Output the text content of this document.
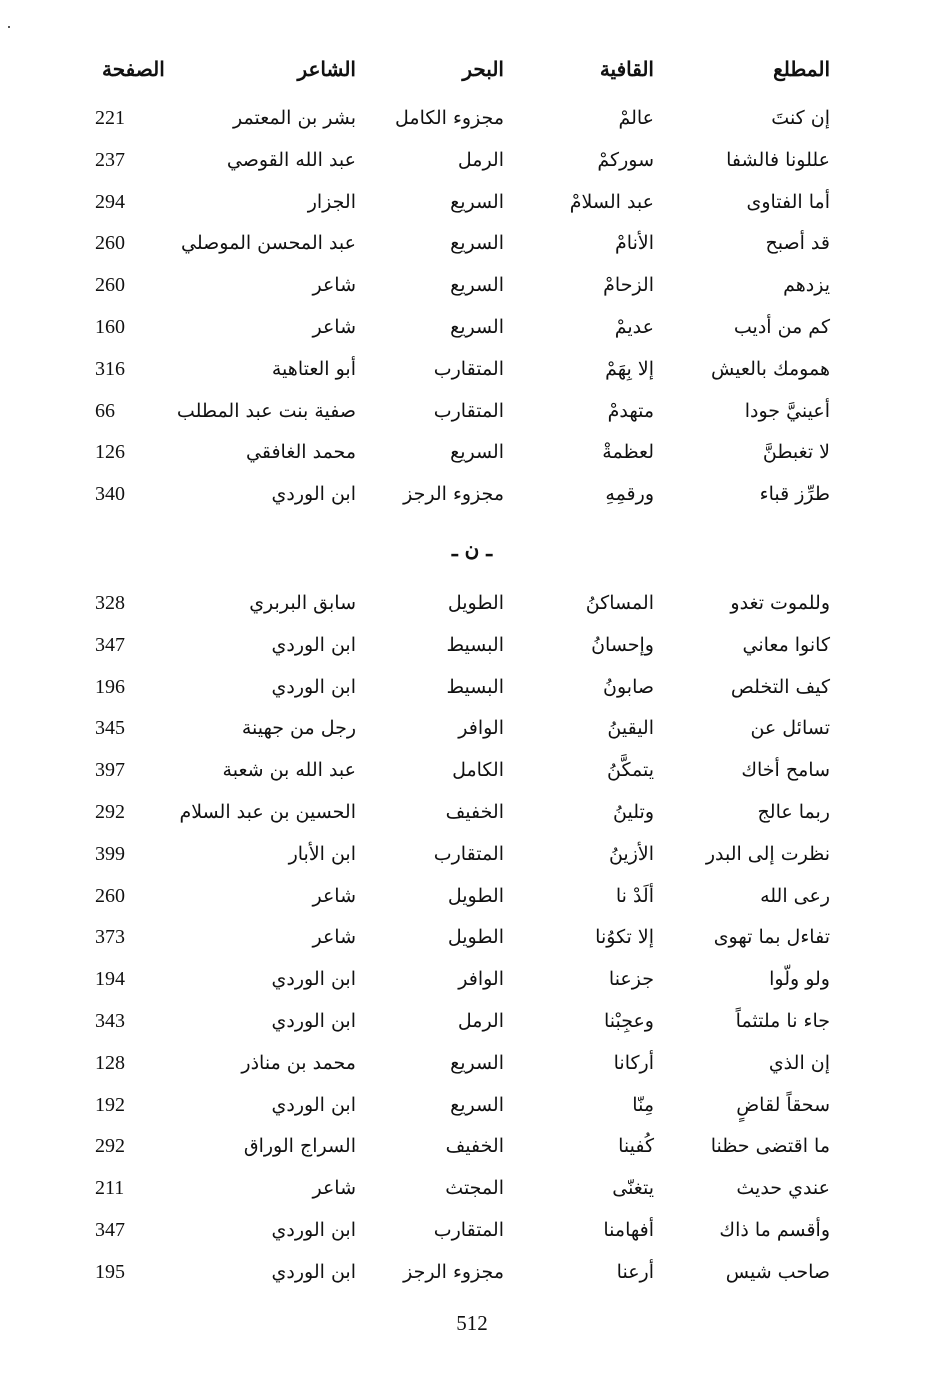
المطلع
القافية
البحر
الشاعر
الصفحة
إن كنتَ
عالمْ
مجزوء الكامل
بشر بن المعتمر
221
عللونا فالشفا
سوركمْ
الرمل
عبد الله القوصي
237
أما الفتاوى
عبد السلامْ
السريع
الجزار
294
قد أصبح
الأنامْ
السريع
عبد المحسن الموصلي
260
يزدهم
الزحامْ
السريع
شاعر
260
كم من أديب
عديمْ
السريع
شاعر
160
همومك بالعيش
إلا بِهَمْ
المتقارب
أبو العتاهية
316
أعينيَّ جودا
متهدمْ
المتقارب
صفية بنت عبد المطلب
66
لا تغبطنَّ
لعظمةْ
السريع
محمد الغافقي
126
طرِّز قباء
ورقمِهِ
مجزوء الرجز
ابن الوردي
340
ـ ن ـ
وللموت تغدو
المساكنُ
الطويل
سابق البربري
328
كانوا معاني
وإحسانُ
البسيط
ابن الوردي
347
كيف التخلص
صابونُ
البسيط
ابن الوردي
196
تسائل عن
اليقينُ
الوافر
رجل من جهينة
345
سامح أخاك
يتمكَّنُ
الكامل
عبد الله بن شعبة
397
ربما عالج
وتلينُ
الخفيف
الحسين بن عبد السلام
292
نظرت إلى البدر
الأزينُ
المتقارب
ابن الأبار
399
رعى الله
ألَدْ نا
الطويل
شاعر
260
تفاءل بما تهوى
إلا تكوُنا
الطويل
شاعر
373
ولو ولّوا
جزعنا
الوافر
ابن الوردي
194
جاء نا ملتثماً
وعجِبْنا
الرمل
ابن الوردي
343
إن الذي
أركانا
السريع
محمد بن مناذر
128
سحقاً لقاضٍ
مِنّا
السريع
ابن الوردي
192
ما اقتضى حظنا
كُفينا
الخفيف
السراج الوراق
292
عندي حديث
يتغنّى
المجتث
شاعر
211
وأقسم ما ذاك
أفهامنا
المتقارب
ابن الوردي
347
صاحب شيس
أرعنا
مجزوء الرجز
ابن الوردي
195
512
